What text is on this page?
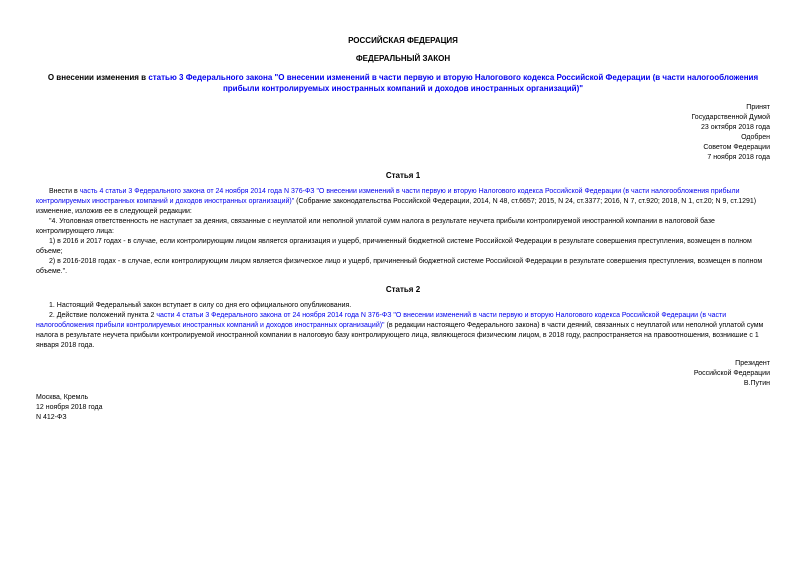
РОССИЙСКАЯ ФЕДЕРАЦИЯ
ФЕДЕРАЛЬНЫЙ ЗАКОН
О внесении изменения в статью 3 Федерального закона "О внесении изменений в части первую и вторую Налогового кодекса Российской Федерации (в части налогообложения прибыли контролируемых иностранных компаний и доходов иностранных организаций)"
Принят
Государственной Думой
23 октября 2018 года
Одобрен
Советом Федерации
7 ноября 2018 года
Статья 1

Внести в часть 4 статьи 3 Федерального закона от 24 ноября 2014 года N 376-ФЗ "О внесении изменений в части первую и вторую Налогового кодекса Российской Федерации (в части налогообложения прибыли контролируемых иностранных компаний и доходов иностранных организаций)" (Собрание законодательства Российской Федерации, 2014, N 48, ст.6657; 2015, N 24, ст.3377; 2016, N 7, ст.920; 2018, N 1, ст.20; N 9, ст.1291) изменение, изложив ее в следующей редакции:

"4. Уголовная ответственность не наступает за деяния, связанные с неуплатой или неполной уплатой сумм налога в результате неучета прибыли контролируемой иностранной компании в налоговой базе контролирующего лица:

1) в 2016 и 2017 годах - в случае, если контролирующим лицом является организация и ущерб, причиненный бюджетной системе Российской Федерации в результате совершения преступления, возмещен в полном объеме;

2) в 2016-2018 годах - в случае, если контролирующим лицом является физическое лицо и ущерб, причиненный бюджетной системе Российской Федерации в результате совершения преступления, возмещен в полном объеме.".

Статья 2

1. Настоящий Федеральный закон вступает в силу со дня его официального опубликования.

2. Действие положений пункта 2 части 4 статьи 3 Федерального закона от 24 ноября 2014 года N 376-ФЗ "О внесении изменений в части первую и вторую Налогового кодекса Российской Федерации (в части налогообложения прибыли контролируемых иностранных компаний и доходов иностранных организаций)" (в редакции настоящего Федерального закона) в части деяний, связанных с неуплатой или неполной уплатой сумм налога в результате неучета прибыли контролируемой иностранной компании в налоговую базу контролирующего лица, являющегося физическим лицом, в 2018 году, распространяется на правоотношения, возникшие с 1 января 2018 года.

Президент
Российской Федерации
В.Путин
Москва, Кремль
12 ноября 2018 года
N 412-ФЗ
